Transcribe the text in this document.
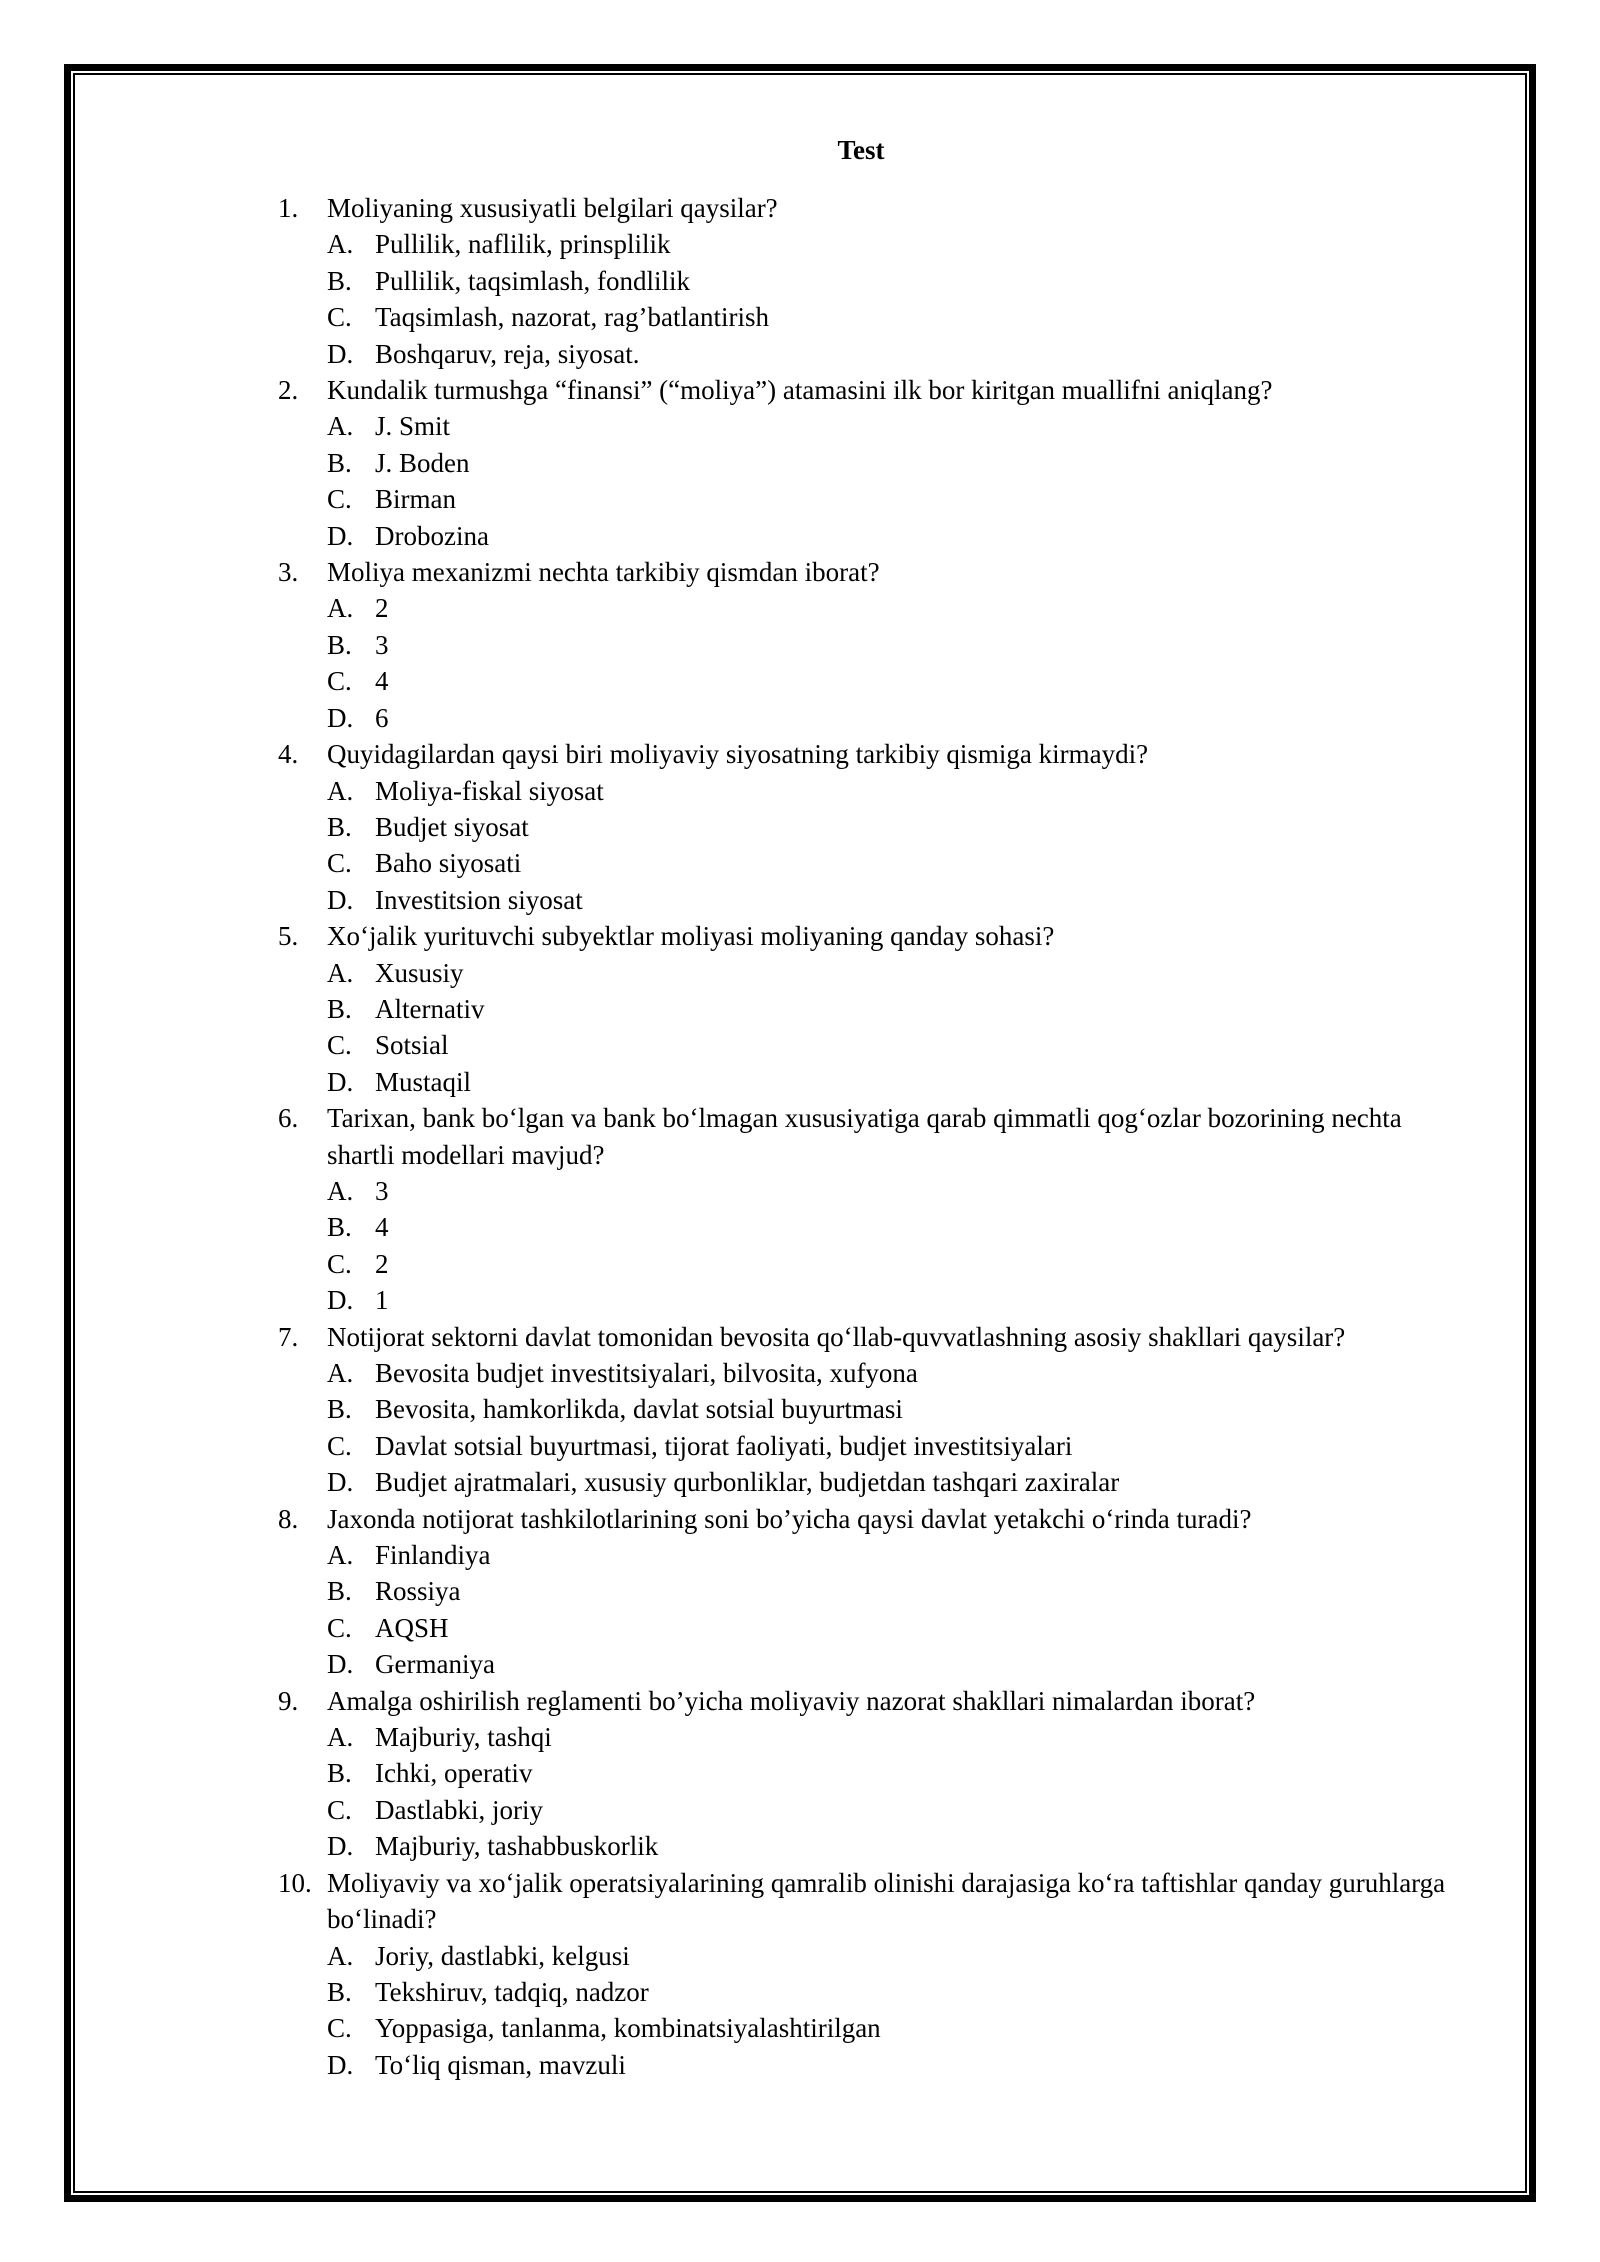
Test
1. Moliyaning xususiyatli belgilari qaysilar?
A. Pullilik, naflilik, prinsplilik
B. Pullilik, taqsimlash, fondlilik
C. Taqsimlash, nazorat, rag’batlantirish
D. Boshqaruv, reja, siyosat.
2. Kundalik turmushga “finansi” (“moliya”) atamasini ilk bor kiritgan muallifni aniqlang?
A. J. Smit
B. J. Boden
C. Birman
D. Drobozina
3. Moliya mexanizmi nechta tarkibiy qismdan iborat?
A. 2
B. 3
C. 4
D. 6
4. Quyidagilardan qaysi biri moliyaviy siyosatning tarkibiy qismiga kirmaydi?
A. Moliya-fiskal siyosat
B. Budjet siyosat
C. Baho siyosati
D. Investitsion siyosat
5. Xo‘jalik yurituvchi subyektlar moliyasi moliyaning qanday sohasi?
A. Xususiy
B. Alternativ
C. Sotsial
D. Mustaqil
6. Tarixan, bank bo‘lgan va bank bo‘lmagan xususiyatiga qarab qimmatli qog‘ozlar bozorining nechta shartli modellari mavjud?
A. 3
B. 4
C. 2
D. 1
7. Notijorat sektorni davlat tomonidan bevosita qo‘llab-quvvatlashning asosiy shakllari qaysilar?
A. Bevosita budjet investitsiyalari, bilvosita, xufyona
B. Bevosita, hamkorlikda, davlat sotsial buyurtmasi
C. Davlat sotsial buyurtmasi, tijorat faoliyati, budjet investitsiyalari
D. Budjet ajratmalari, xususiy qurbonliklar, budjetdan tashqari zaxiralar
8. Jaxonda notijorat tashkilotlarining soni bo’yicha qaysi davlat yetakchi o‘rinda turadi?
A. Finlandiya
B. Rossiya
C. AQSH
D. Germaniya
9. Amalga oshirilish reglamenti bo’yicha moliyaviy nazorat shakllari nimalardan iborat?
A. Majburiy, tashqi
B. Ichki, operativ
C. Dastlabki, joriy
D. Majburiy, tashabbuskorlik
10. Moliyaviy va xo‘jalik operatsiyalarining qamralib olinishi darajasiga ko‘ra taftishlar qanday guruhlarga bo‘linadi?
A. Joriy, dastlabki, kelgusi
B. Tekshiruv, tadqiq, nadzor
C. Yoppasiga, tanlanma, kombinatsiyalashtirilgan
D. To‘liq qisman, mavzuli
